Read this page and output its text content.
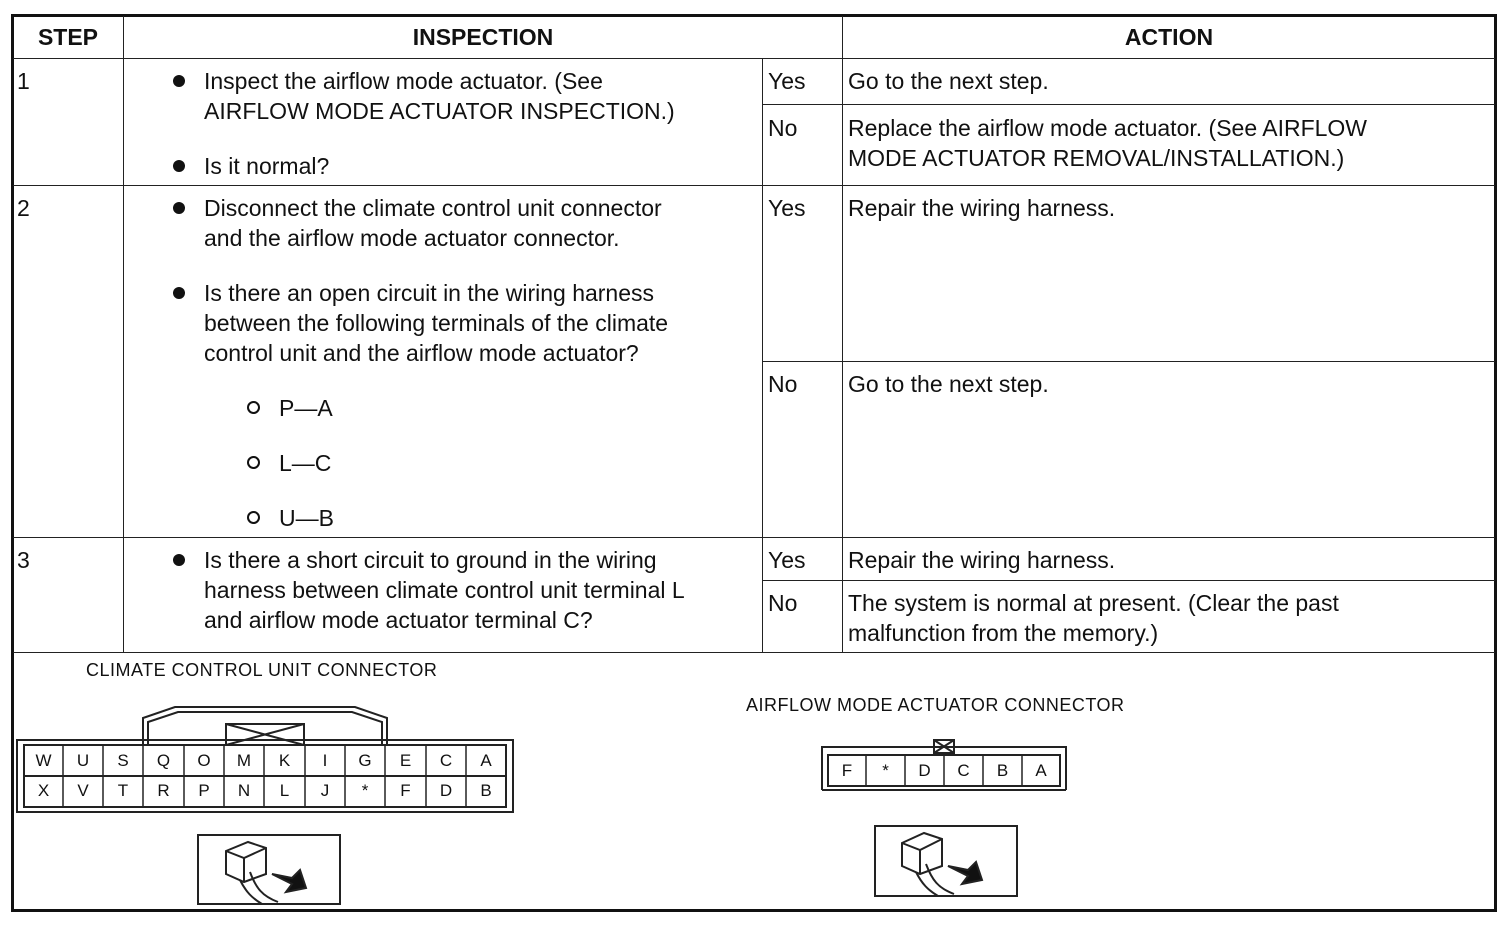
STEP	INSPECTION	ACTION
1	Inspect the airflow mode actuator. (See
AIRFLOW MODE ACTUATOR INSPECTION.)
Is it normal?
Yes Go to the next step.
No Replace the airflow mode actuator. (See AIRFLOW
MODE ACTUATOR REMOVAL/INSTALLATION.)
2	Disconnect the climate control unit connector
and the airflow mode actuator connector.
Is there an open circuit in the wiring harness
between the following terminals of the climate
control unit and the airflow mode actuator?
P—A
L—C
U—B
Yes Repair the wiring harness.
No Go to the next step.
3	Is there a short circuit to ground in the wiring
harness between climate control unit terminal L
and airflow mode actuator terminal C?
Yes Repair the wiring harness.
No The system is normal at present. (Clear the past
malfunction from the memory.)
CLIMATE CONTROL UNIT CONNECTOR
AIRFLOW MODE ACTUATOR CONNECTOR
W	U	S	Q	O	M	K	I	G	E	C	A
X	V	T	R	P	N	L	J	*	F	D	B
F	*	D	C	B	A
